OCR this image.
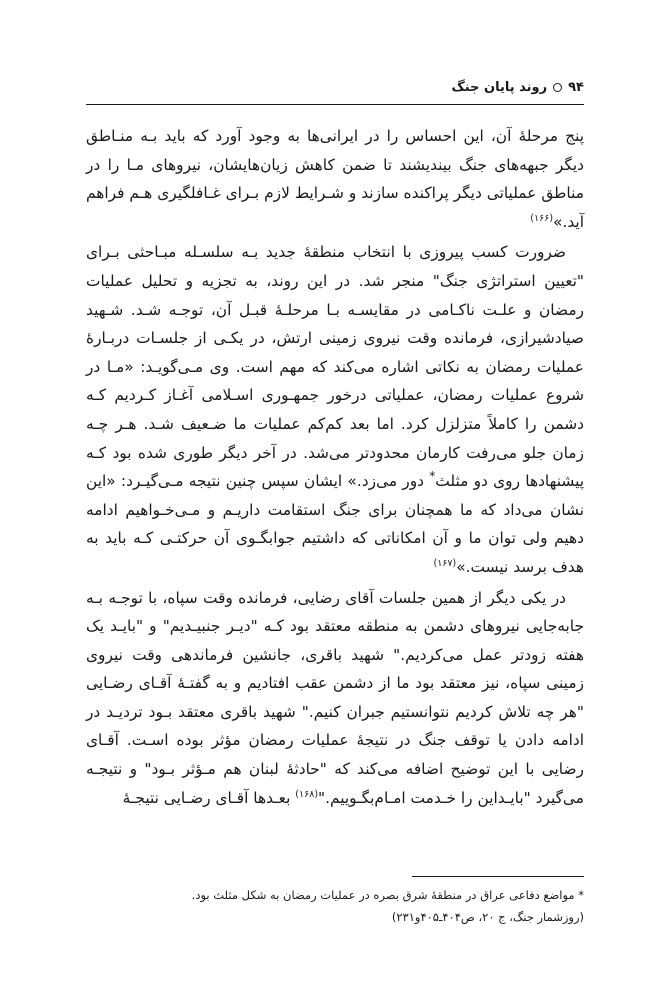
۹۴
روند پایان جنگ

پنج مرحلهٔ آن، این احساس را در ایرانی‌ها به وجود آورد که باید بـه منـاطق دیگر جبهه‌های جنگ بیندیشند تا ضمن کاهش زیان‌هایشان، نیروهای مـا را در مناطق عملیاتی دیگر پراکنده سازند و شـرایط لازم بـرای غـافلگیری هـم فراهم آید.»$^{(۱۶۶)}$

ضرورت کسب پیروزی با انتخاب منطقهٔ جدید بـه سلسـله مبـاحثی بـرای "تعیین استراتژی جنگ" منجر شد. در این روند، به تجزیه و تحلیل عملیات رمضان و علـت ناکـامی در مقایسـه بـا مرحلـهٔ قبـل آن، توجـه شـد. شـهید صیادشیرازی، فرمانده وقت نیروی زمینی ارتش، در یکـی از جلسـات دربـارهٔ عملیات رمضان به نکاتی اشاره می‌کند که مهم است. وی مـی‌گویـد: «مـا در شروع عملیات رمضان، عملیاتی درخور جمهـوری اسـلامی آغـاز کـردیم کـه دشمن را کاملاً متزلزل کرد. اما بعد کم‌کم عملیات ما ضـعیف شـد. هـر چـه زمان جلو می‌رفت کارمان محدودتر می‌شد. در آخر دیگر طوری شده بود کـه پیشنهادها روی دو مثلث* دور می‌زد.» ایشان سپس چنین نتیجه مـی‌گیـرد: «این نشان می‌داد که ما همچنان برای جنگ استقامت داریـم و مـی‌خـواهیم ادامه دهیم ولی توان ما و آن امکاناتی که داشتیم جوابگـوی آن حرکتـی کـه باید به هدف برسد نیست.»$^{(۱۶۷)}$

در یکی دیگر از همین جلسات آقای رضایی، فرمانده وقت سپاه، با توجـه بـه جابه‌جایی نیروهای دشمن به منطقه معتقد بود کـه "دیـر جنبیـدیم" و "بایـد یک هفته زودتر عمل می‌کردیم." شهید باقری، جانشین فرماندهی وقت نیروی زمینی سپاه، نیز معتقد بود ما از دشمن عقب افتادیم و به گفتـهٔ آقـای رضـایی "هر چه تلاش کردیم نتوانستیم جبران کنیم." شهید باقری معتقد بـود تردیـد در ادامه دادن یا توقف جنگ در نتیجهٔ عملیات رمضان مؤثر بوده اسـت. آقـای رضایی با این توضیح اضافه می‌کند که "حادثهٔ لبنان هم مـؤثر بـود" و نتیجـه می‌گیرد "بایـداین را خـدمت امـام‌بگـوییم."$^{(۱۶۸)}$ بعـدها آقـای رضـایی نتیجـهٔ

* مواضع دفاعی عراق در منطقهٔ شرق بصره در عملیات رمضان به شکل مثلث بود.
(روزشمار جنگ، ج ۲۰، ص۴۰۴ـ۴۰۵و۲۳۱)
